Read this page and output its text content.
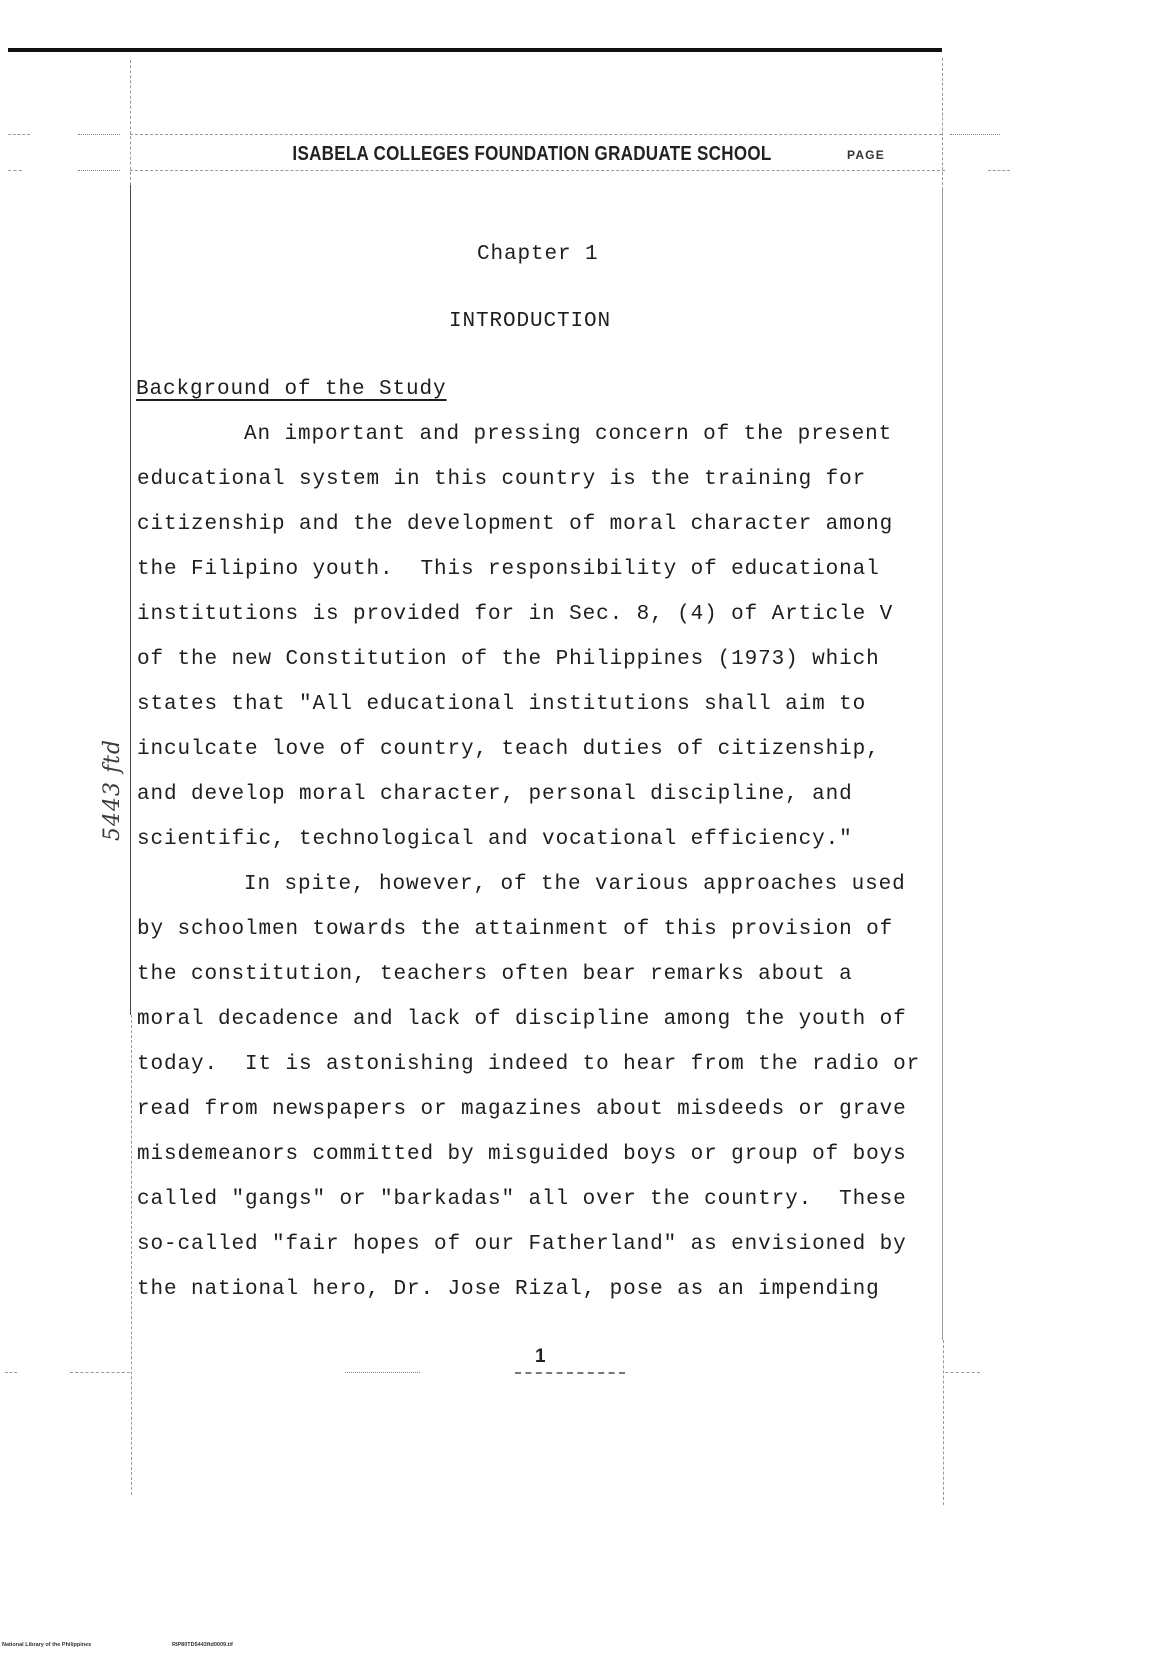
ISABELA COLLEGES FOUNDATION GRADUATE SCHOOL	PAGE
Chapter 1
INTRODUCTION
Background of the Study
An important and pressing concern of the present
educational system in this country is the training for
citizenship and the development of moral character among
the Filipino youth.  This responsibility of educational
institutions is provided for in Sec. 8, (4) of Article V
of the new Constitution of the Philippines (1973) which
states that "All educational institutions shall aim to
inculcate love of country, teach duties of citizenship,
and develop moral character, personal discipline, and
scientific, technological and vocational efficiency."
In spite, however, of the various approaches used
by schoolmen towards the attainment of this provision of
the constitution, teachers often bear remarks about a
moral decadence and lack of discipline among the youth of
today.  It is astonishing indeed to hear from the radio or
read from newspapers or magazines about misdeeds or grave
misdemeanors committed by misguided boys or group of boys
called "gangs" or "barkadas" all over the country.  These
so-called "fair hopes of our Fatherland" as envisioned by
the national hero, Dr. Jose Rizal, pose as an impending
5443 ftd
1
National Library of the Philippines	RIP80TD5443ftd0009.tif
